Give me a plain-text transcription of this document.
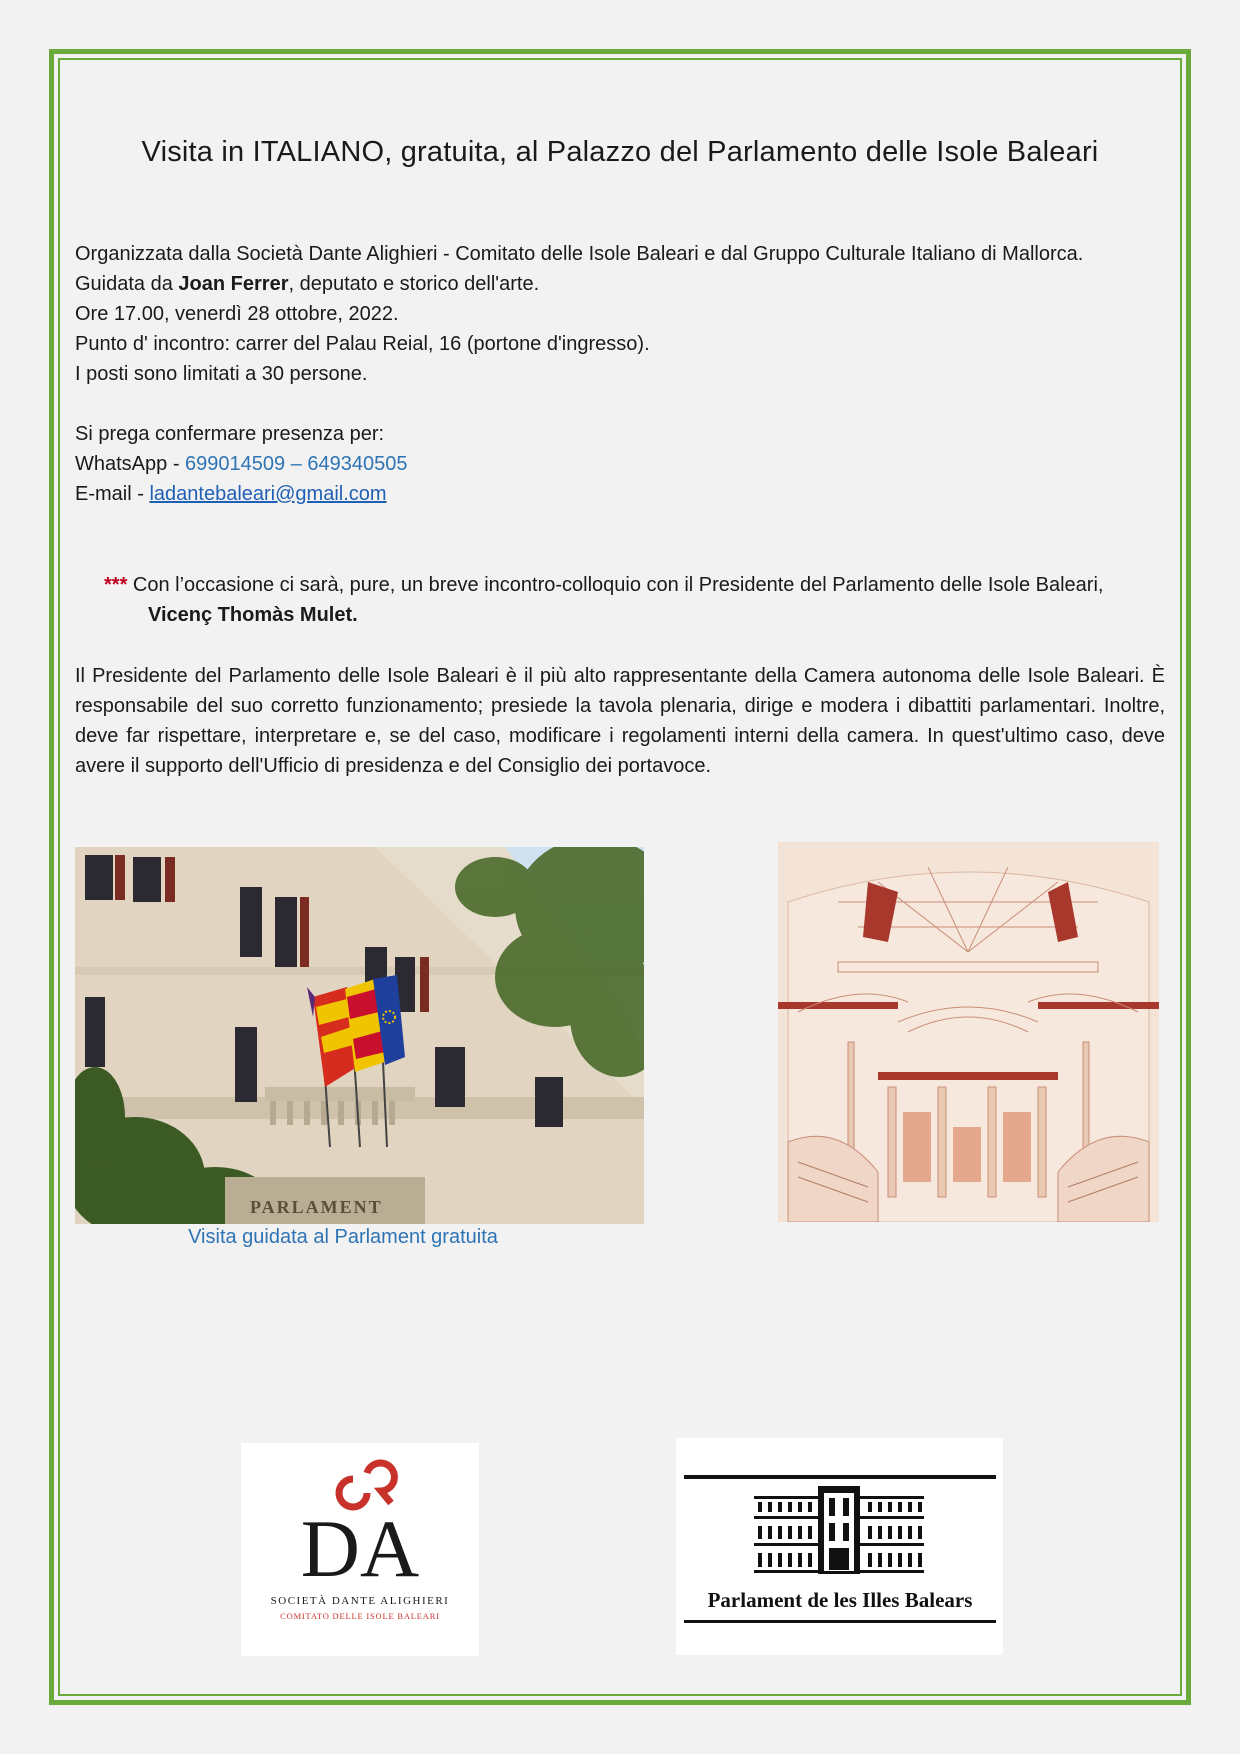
Visita in ITALIANO, gratuita, al Palazzo del Parlamento delle Isole Baleari

Organizzata dalla Società Dante Alighieri - Comitato delle Isole Baleari e dal Gruppo Culturale Italiano di Mallorca.

Guidata da Joan Ferrer, deputato e storico dell'arte.

Ore 17.00, venerdì 28 ottobre, 2022.

Punto d' incontro: carrer del Palau Reial, 16 (portone d'ingresso).

I posti sono limitati a 30 persone.

Si prega confermare presenza per:

WhatsApp - 699014509 – 649340505

E-mail - ladantebaleari@gmail.com

*** Con l’occasione ci sarà, pure, un breve incontro-colloquio con il Presidente del Parlamento delle Isole Baleari,

Vicenç Thomàs Mulet.

Il Presidente del Parlamento delle Isole Baleari è il più alto rappresentante della Camera autonoma delle Isole Baleari. È responsabile del suo corretto funzionamento; presiede la tavola plenaria, dirige e modera i dibattiti parlamentari. Inoltre, deve far rispettare, interpretare e, se del caso, modificare i regolamenti interni della camera. In quest'ultimo caso, deve avere il supporto dell'Ufficio di presidenza e del Consiglio dei portavoce.

PARLAMENT
Visita guidata al Parlament gratuita
DA
SOCIETÀ DANTE ALIGHIERI
COMITATO DELLE ISOLE BALEARI
Parlament de les Illes Balears
